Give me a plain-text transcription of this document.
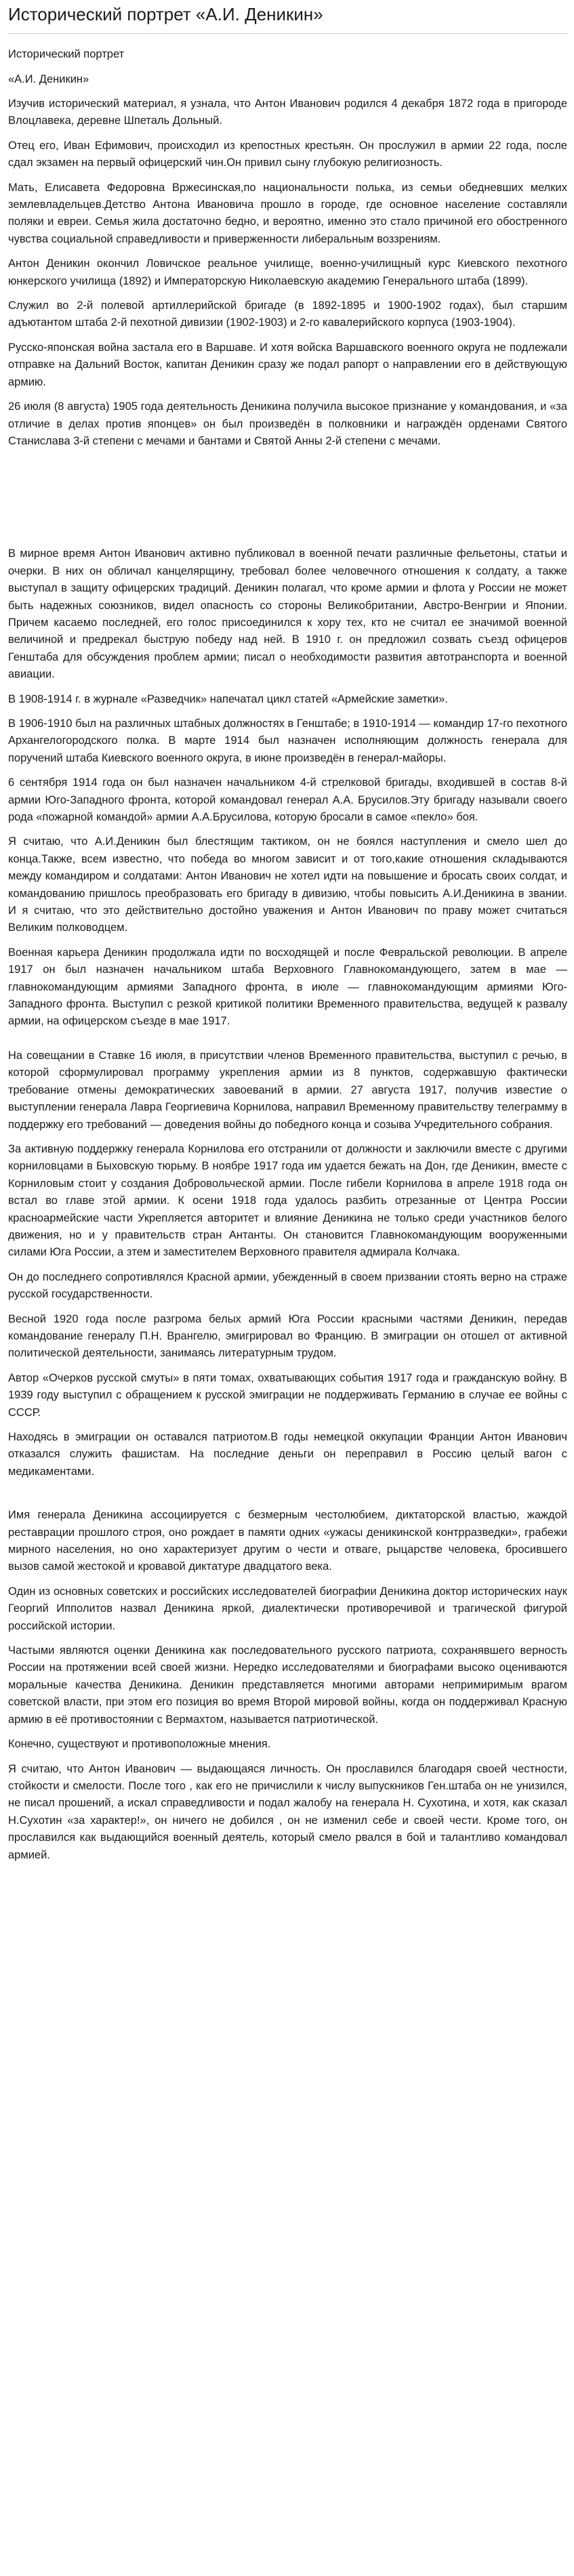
Исторический портрет «А.И. Деникин»

Исторический портрет

«А.И. Деникин»

Изучив исторический материал, я узнала, что Антон Иванович родился 4 декабря 1872 года в пригороде Влоцлавека, деревне Шпеталь Дольный.

Отец его, Иван Ефимович, происходил из крепостных крестьян. Он прослужил в армии 22 года, после сдал экзамен на первый офицерский чин.Он привил сыну глубокую религиозность.

Мать, Елисавета Федоровна Вржесинская,по национальности полька, из семьи обедневших мелких землевладельцев.Детство Антона Ивановича прошло в городе, где основное население составляли поляки и евреи. Семья жила достаточно бедно, и вероятно, именно это стало причиной его обостренного чувства социальной справедливости и приверженности либеральным воззрениям.

Антон Деникин окончил Ловичское реальное училище, военно-училищный курс Киевского пехотного юнкерского училища (1892) и Императорскую Николаевскую академию Генерального штаба (1899).

Служил во 2-й полевой артиллерийской бригаде (в 1892-1895 и 1900-1902 годах), был старшим адъютантом штаба 2-й пехотной дивизии (1902-1903) и 2-го кавалерийского корпуса (1903-1904).

Русско-японская война застала его в Варшаве. И хотя войска Варшавского военного округа не подлежали отправке на Дальний Восток, капитан Деникин сразу же подал рапорт о направлении его в действующую армию.

26 июля (8 августа) 1905 года деятельность Деникина получила высокое признание у командования, и «за отличие в делах против японцев» он был произведён в полковники и награждён орденами Святого Станислава 3-й степени с мечами и бантами и Святой Анны 2-й степени с мечами.

В мирное время Антон Иванович активно публиковал в военной печати различные фельетоны, статьи и очерки. В них он обличал канцелярщину, требовал более человечного отношения к солдату, а также выступал в защиту офицерских традиций. Деникин полагал, что кроме армии и флота у России не может быть надежных союзников, видел опасность со стороны Великобритании, Австро-Венгрии и Японии. Причем касаемо последней, его голос присоединился к хору тех, кто не считал ее значимой военной величиной и предрекал быструю победу над ней. В 1910 г. он предложил созвать съезд офицеров Генштаба для обсуждения проблем армии; писал о необходимости развития автотранспорта и военной авиации.

В 1908-1914 г. в журнале «Разведчик» напечатал цикл статей «Армейские заметки».

В 1906-1910 был на различных штабных должностях в Генштабе; в 1910-1914 — командир 17-го пехотного Архангелогородского полка. В марте 1914 был назначен исполняющим должность генерала для поручений штаба Киевского военного округа, в июне произведён в генерал-майоры.

6 сентября 1914 года он был назначен начальником 4-й стрелковой бригады, входившей в состав 8-й армии Юго-Западного фронта, которой командовал генерал А.А. Брусилов.Эту бригаду называли своего рода «пожарной командой» армии А.А.Брусилова, которую бросали в самое «пекло» боя.

Я считаю, что А.И.Деникин был блестящим тактиком, он не боялся наступления и смело шел до конца.Также, всем известно, что победа во многом зависит и от того,какие отношения складываются между командиром и солдатами: Антон Иванович не хотел идти на повышение и бросать своих солдат, и командованию пришлось преобразовать его бригаду в дивизию, чтобы повысить А.И.Деникина в звании. И я считаю, что это действительно достойно уважения и Антон Иванович по праву может считаться Великим полководцем.

Военная карьера Деникин продолжала идти по восходящей и после Февральской революции. В апреле 1917 он был назначен начальником штаба Верховного Главнокомандующего, затем в мае — главнокомандующим армиями Западного фронта, в июле — главнокомандующим армиями Юго-Западного фронта. Выступил с резкой критикой политики Временного правительства, ведущей к развалу армии, на офицерском съезде в мае 1917.

На совещании в Ставке 16 июля, в присутствии членов Временного правительства, выступил с речью, в которой сформулировал программу укрепления армии из 8 пунктов, содержавшую фактически требование отмены демократических завоеваний в армии. 27 августа 1917, получив известие о выступлении генерала Лавра Георгиевича Корнилова, направил Временному правительству телеграмму в поддержку его требований — доведения войны до победного конца и созыва Учредительного собрания.

За активную поддержку генерала Корнилова его отстранили от должности и заключили вместе с другими корниловцами в Быховскую тюрьму. В ноябре 1917 года им удается бежать на Дон, где Деникин, вместе с Корниловым стоит у создания Добровольческой армии. После гибели Корнилова в апреле 1918 года он встал во главе этой армии. К осени 1918 года удалось разбить отрезанные от Центра России красноармейские части Укрепляется авторитет и влияние Деникина не только среди участников белого движения, но и у правительств стран Антанты. Он становится Главнокомандующим вооруженными силами Юга России, а зтем и заместителем Верховного правителя адмирала Колчака.

Он до последнего сопротивлялся Красной армии, убежденный в своем призвании стоять верно на страже русской государственности.

Весной 1920 года после разгрома белых армий Юга России красными частями Деникин, передав командование генералу П.Н. Врангелю, эмигрировал во Францию. В эмиграции он отошел от активной политической деятельности, занимаясь литературным трудом.

Автор «Очерков русской смуты» в пяти томах, охватывающих события 1917 года и гражданскую войну. В 1939 году выступил с обращением к русской эмиграции не поддерживать Германию в случае ее войны с СССР.

Находясь в эмиграции он оставался патриотом.В годы немецкой оккупации Франции Антон Иванович отказался служить фашистам. На последние деньги он переправил в Россию целый вагон с медикаментами.

Имя генерала Деникина ассоциируется с безмерным честолюбием, диктаторской властью, жаждой реставрации прошлого строя, оно рождает в памяти одних «ужасы деникинской контрразведки», грабежи мирного населения, но оно характеризует другим о чести и отваге, рыцарстве человека, бросившего вызов самой жестокой и кровавой диктатуре двадцатого века.

Один из основных советских и российских исследователей биографии Деникина доктор исторических наук Георгий Ипполитов назвал Деникина яркой, диалектически противоречивой и трагической фигурой российской истории.

Частыми являются оценки Деникина как последовательного русского патриота, сохранявшего верность России на протяжении всей своей жизни. Нередко исследователями и биографами высоко оцениваются моральные качества Деникина. Деникин представляется многими авторами непримиримым врагом советской власти, при этом его позиция во время Второй мировой войны, когда он поддерживал Красную армию в её противостоянии с Вермахтом, называется патриотической.

Конечно, существуют и противоположные мнения.

Я считаю, что Антон Иванович — выдающаяся личность. Он прославился благодаря своей честности, стойкости и смелости. После того , как его не причислили к числу выпускников Ген.штаба он не унизился, не писал прошений, а искал справедливости и подал жалобу на генерала Н. Сухотина, и хотя, как сказал Н.Сухотин «за характер!», он ничего не добился , он не изменил себе и своей чести. Кроме того, он прославился как выдающийся военный деятель, который смело рвался в бой и талантливо командовал армией.
